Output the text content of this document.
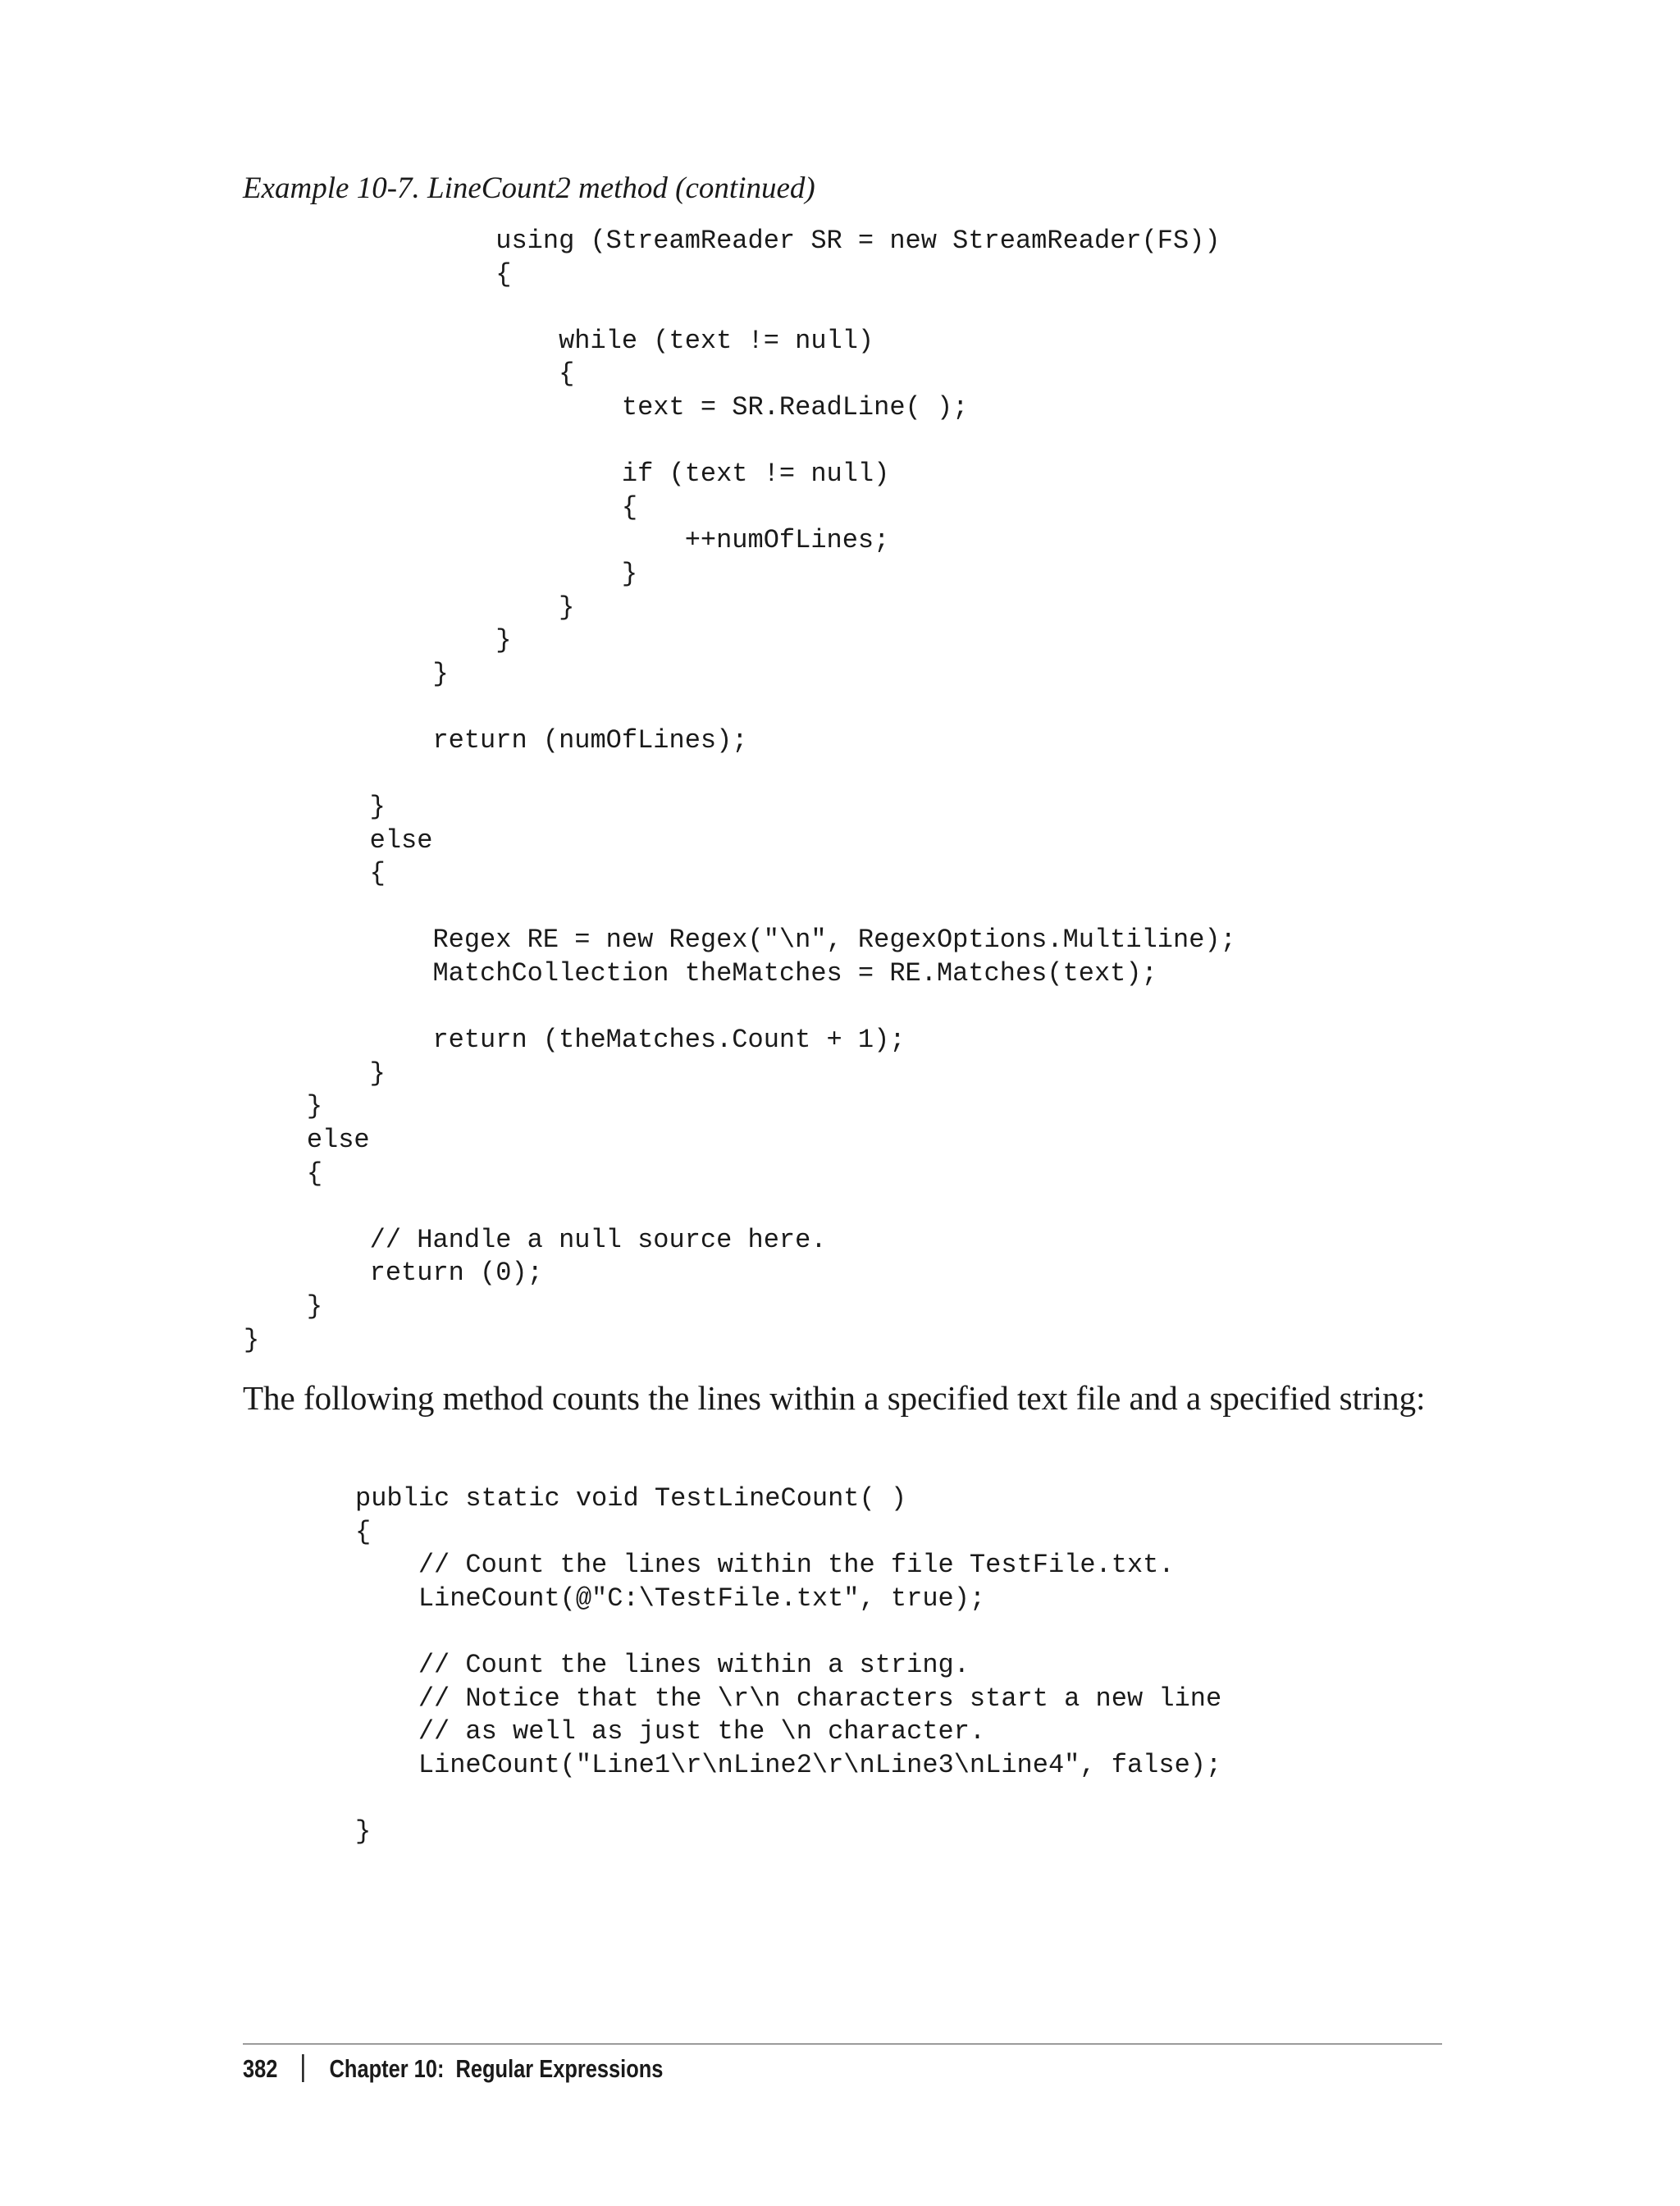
Example 10-7. LineCount2 method (continued)
using (StreamReader SR = new StreamReader(FS))
{
while (text != null)
{
text = SR.ReadLine( );
if (text != null)
{
++numOfLines;
}
}
}
}
return (numOfLines);
}
else
{
Regex RE = new Regex("\n", RegexOptions.Multiline);
MatchCollection theMatches = RE.Matches(text);
return (theMatches.Count + 1);
}
}
else
{
// Handle a null source here.
return (0);
}
}
The following method counts the lines within a specified text file and a specified string:
public static void TestLineCount( )
{
// Count the lines within the file TestFile.txt.
LineCount(@"C:\TestFile.txt", true);
// Count the lines within a string.
// Notice that the \r\n characters start a new line
// as well as just the \n character.
LineCount("Line1\r\nLine2\r\nLine3\nLine4", false);
}
382 Chapter 10:  Regular Expressions
